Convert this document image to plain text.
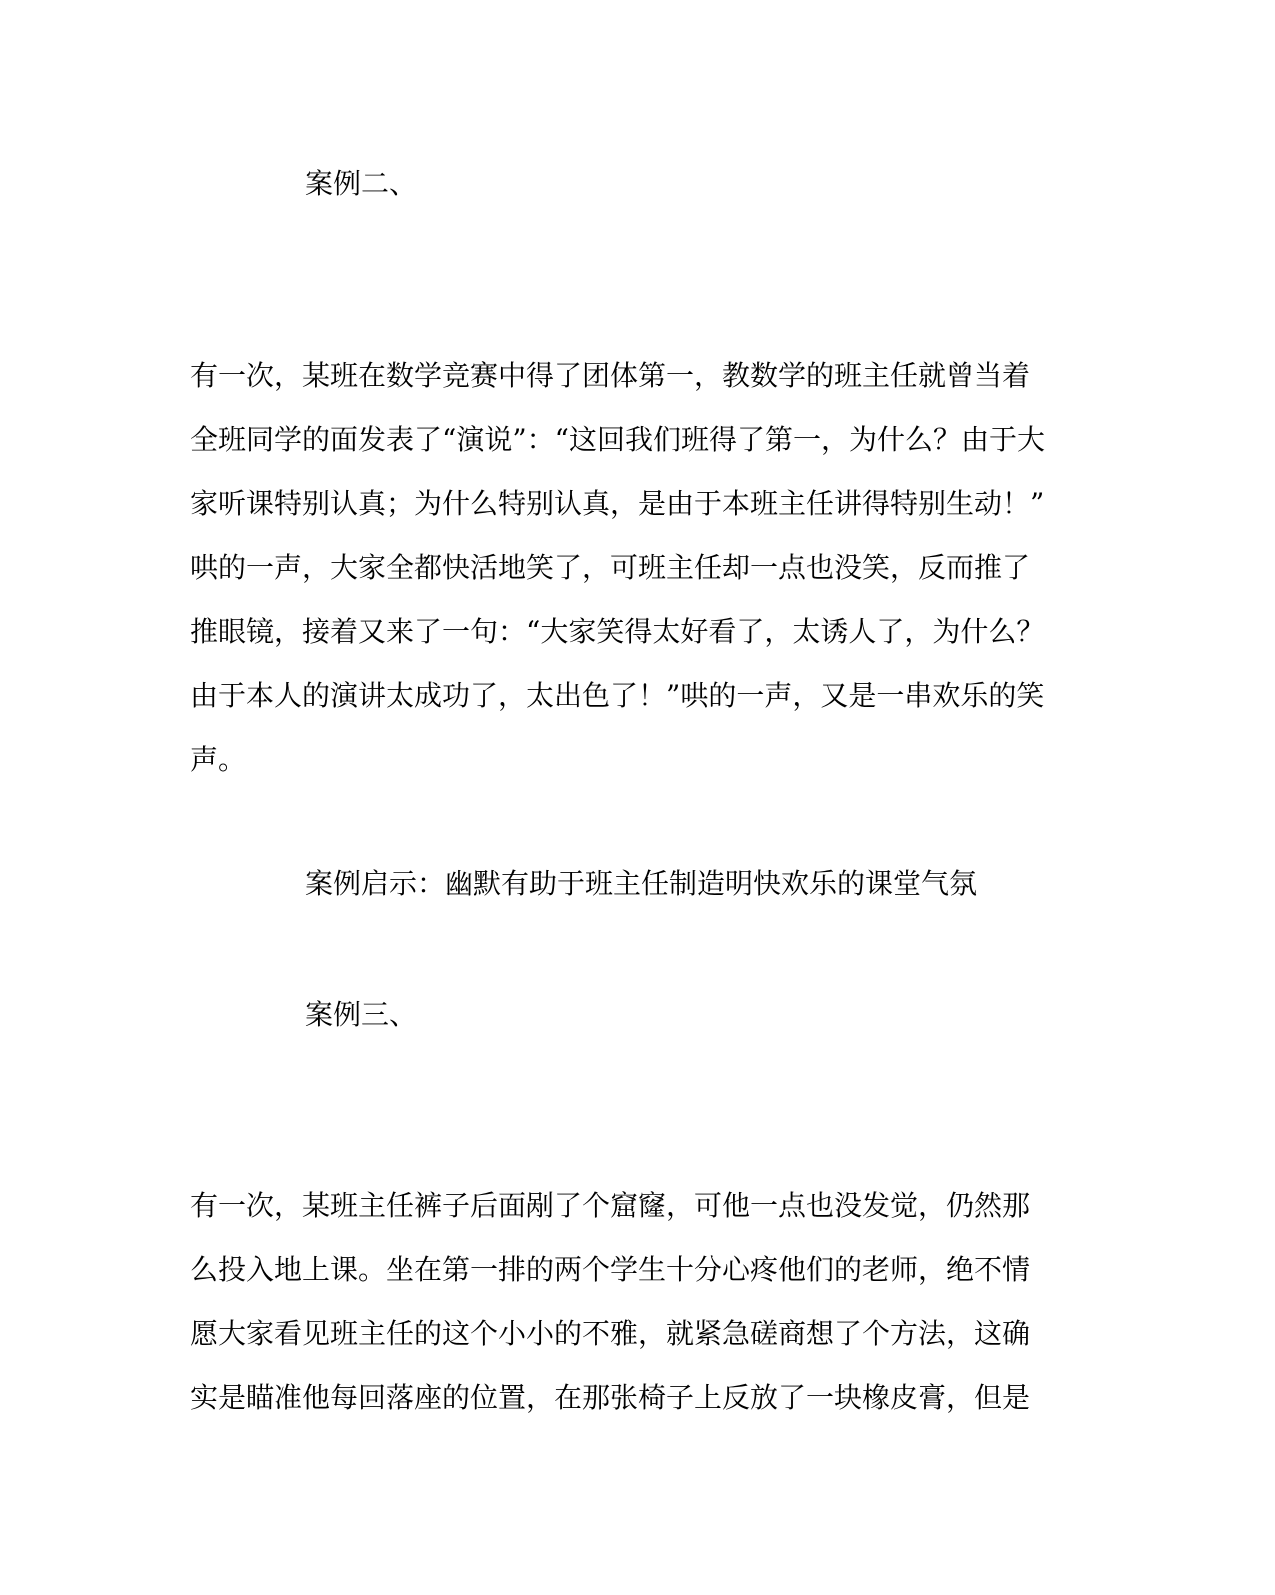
案例二、
有一次，某班在数学竞赛中得了团体第一，教数学的班主任就曾当着
全班同学的面发表了“演说”：“这回我们班得了第一，为什么？由于大
家听课特别认真；为什么特别认真，是由于本班主任讲得特别生动！”
哄的一声，大家全都快活地笑了，可班主任却一点也没笑，反而推了
推眼镜，接着又来了一句：“大家笑得太好看了，太诱人了，为什么？
由于本人的演讲太成功了，太出色了！”哄的一声，又是一串欢乐的笑
声。
案例启示：幽默有助于班主任制造明快欢乐的课堂气氛
案例三、
有一次，某班主任裤子后面剐了个窟窿，可他一点也没发觉，仍然那
么投入地上课。坐在第一排的两个学生十分心疼他们的老师，绝不情
愿大家看见班主任的这个小小的不雅，就紧急磋商想了个方法，这确
实是瞄准他每回落座的位置，在那张椅子上反放了一块橡皮膏，但是
